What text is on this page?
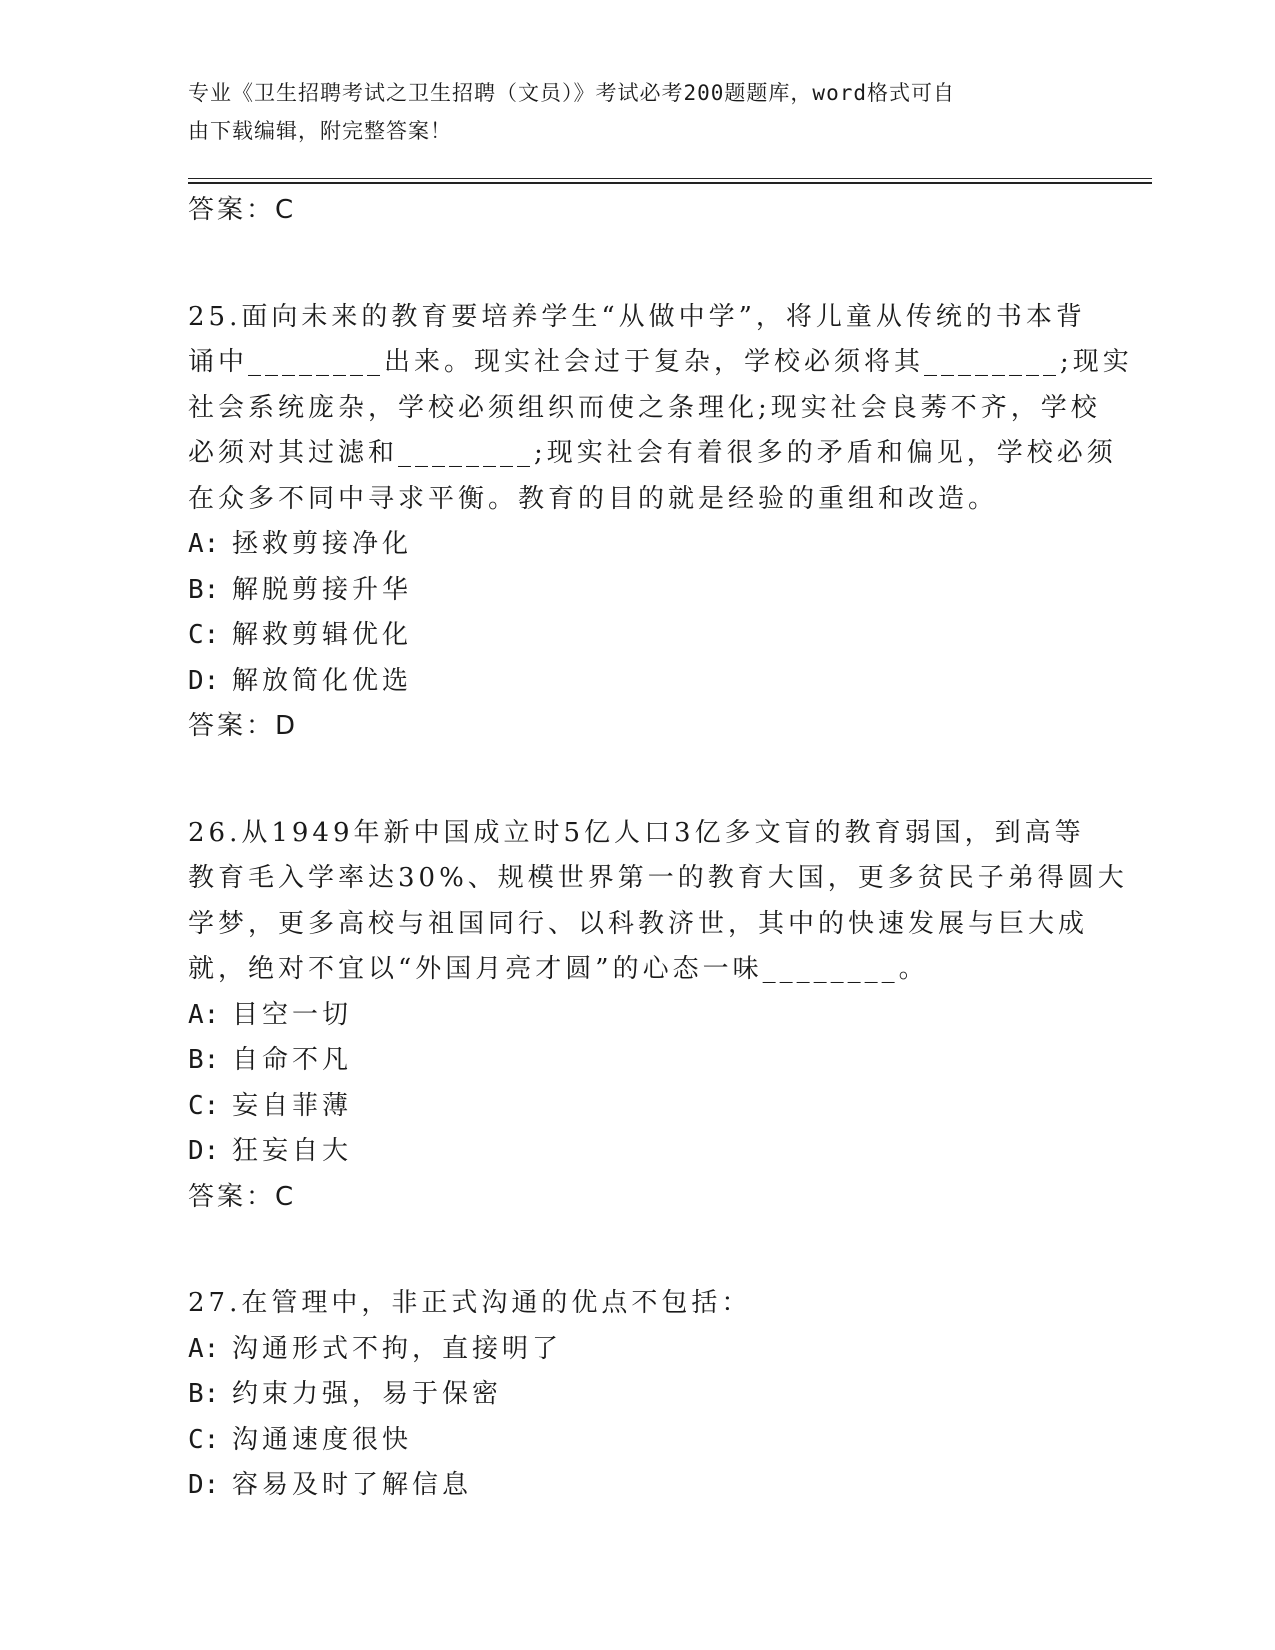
专业《卫生招聘考试之卫生招聘（文员）》考试必考200题题库，word格式可自
由下载编辑，附完整答案！
答案：C
25.面向未来的教育要培养学生“从做中学”，将儿童从传统的书本背
诵中________出来。现实社会过于复杂，学校必须将其________;现实
社会系统庞杂，学校必须组织而使之条理化;现实社会良莠不齐，学校
必须对其过滤和________;现实社会有着很多的矛盾和偏见，学校必须
在众多不同中寻求平衡。教育的目的就是经验的重组和改造。
A: 拯救剪接净化
B: 解脱剪接升华
C: 解救剪辑优化
D: 解放简化优选
答案：D
26.从1949年新中国成立时5亿人口3亿多文盲的教育弱国，到高等
教育毛入学率达30%、规模世界第一的教育大国，更多贫民子弟得圆大
学梦，更多高校与祖国同行、以科教济世，其中的快速发展与巨大成
就，绝对不宜以“外国月亮才圆”的心态一味________。
A: 目空一切
B: 自命不凡
C: 妄自菲薄
D: 狂妄自大
答案：C
27.在管理中，非正式沟通的优点不包括：
A: 沟通形式不拘，直接明了
B: 约束力强，易于保密
C: 沟通速度很快
D: 容易及时了解信息
